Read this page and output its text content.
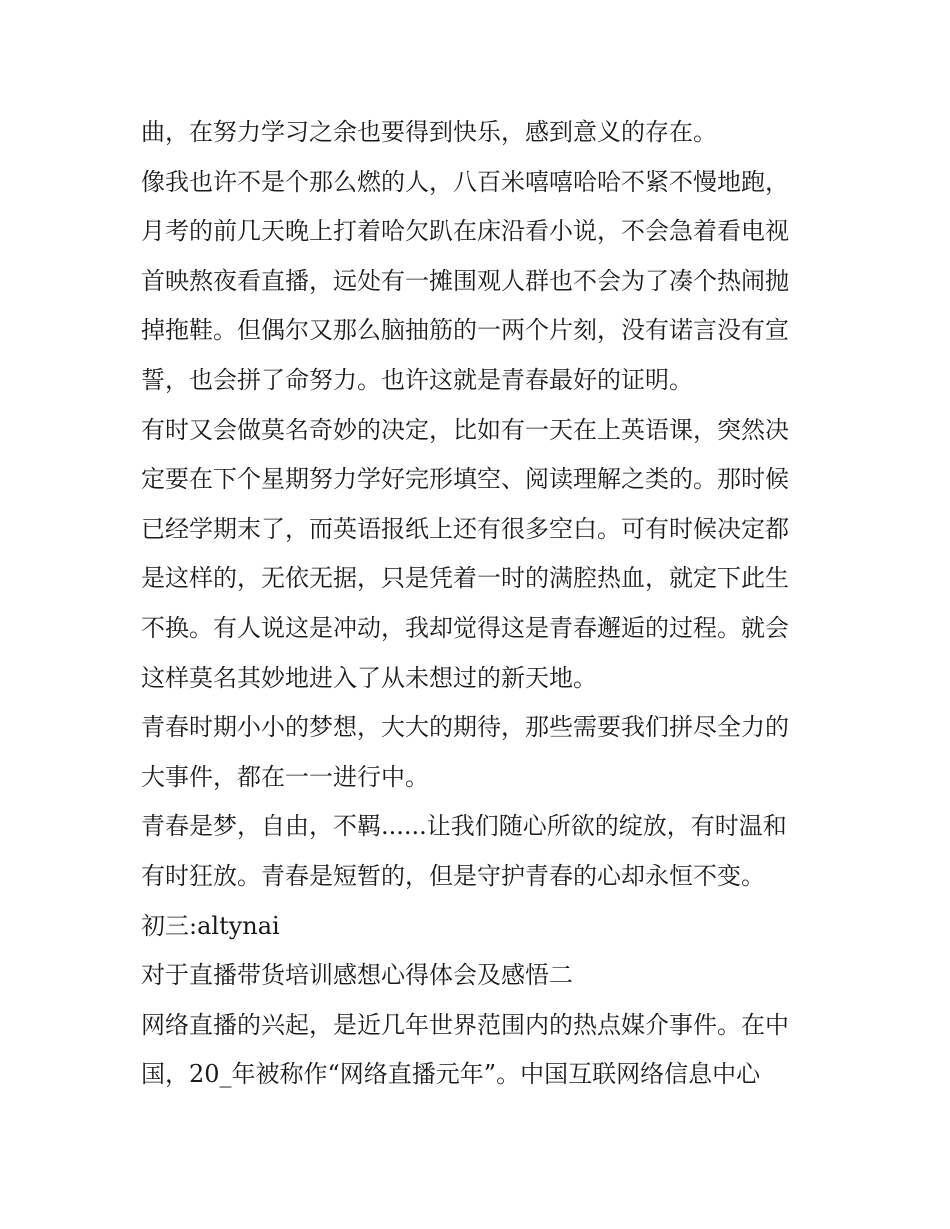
曲，在努力学习之余也要得到快乐，感到意义的存在。

像我也许不是个那么燃的人，八百米嘻嘻哈哈不紧不慢地跑，

月考的前几天晚上打着哈欠趴在床沿看小说，不会急着看电视

首映熬夜看直播，远处有一摊围观人群也不会为了凑个热闹抛

掉拖鞋。但偶尔又那么脑抽筋的一两个片刻，没有诺言没有宣

誓，也会拼了命努力。也许这就是青春最好的证明。

有时又会做莫名奇妙的决定，比如有一天在上英语课，突然决

定要在下个星期努力学好完形填空、阅读理解之类的。那时候

已经学期末了，而英语报纸上还有很多空白。可有时候决定都

是这样的，无依无据，只是凭着一时的满腔热血，就定下此生

不换。有人说这是冲动，我却觉得这是青春邂逅的过程。就会

这样莫名其妙地进入了从未想过的新天地。

青春时期小小的梦想，大大的期待，那些需要我们拼尽全力的

大事件，都在一一进行中。

青春是梦，自由，不羁......让我们随心所欲的绽放，有时温和

有时狂放。青春是短暂的，但是守护青春的心却永恒不变。

初三:altynai

对于直播带货培训感想心得体会及感悟二

网络直播的兴起，是近几年世界范围内的热点媒介事件。在中

国，20_年被称作“网络直播元年”。中国互联网络信息中心
